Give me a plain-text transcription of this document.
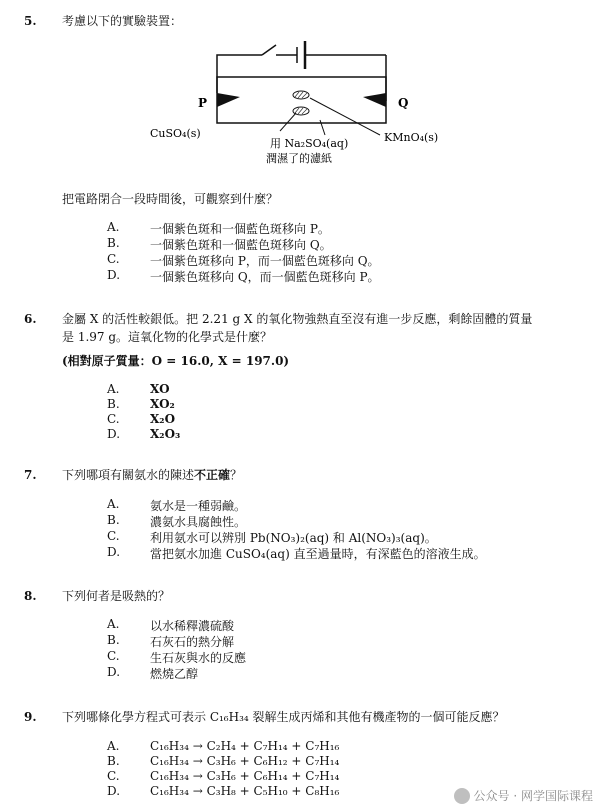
5. 考慮以下的實驗裝置：
P	Q
CuSO₄(s)	KMnO₄(s)
用 Na₂SO₄(aq)
潤濕了的濾紙
把電路閉合一段時間後，可觀察到什麼？
A.	一個紫色斑和一個藍色斑移向 P。
B.	一個紫色斑和一個藍色斑移向 Q。
C.	一個紫色斑移向 P，而一個藍色斑移向 Q。
D. 一個紫色斑移向 Q，而一個藍色斑移向 P。
6. 金屬 X 的活性較銀低。把 2.21 g X 的氧化物強熱直至沒有進一步反應，剩餘固體的質量
是 1.97 g。這氧化物的化學式是什麼？
(相對原子質量：O = 16.0, X = 197.0)
A.	XO
B.	XO₂
C.	X₂O
D. X₂O₃
7. 下列哪項有關氨水的陳述不正確？
A.	氨水是一種弱鹼。
B.	濃氨水具腐蝕性。
C.	利用氨水可以辨別 Pb(NO₃)₂(aq) 和 Al(NO₃)₃(aq)。
D. 當把氨水加進 CuSO₄(aq) 直至過量時，有深藍色的溶液生成。
8. 下列何者是吸熱的？
A.	以水稀釋濃硫酸
B.	石灰石的熱分解
C.	生石灰與水的反應
D. 燃燒乙醇
9. 下列哪條化學方程式可表示 C₁₆H₃₄ 裂解生成丙烯和其他有機產物的一個可能反應？
A.	C₁₆H₃₄ → C₂H₄ + C₇H₁₄ + C₇H₁₆
B.	C₁₆H₃₄ → C₃H₆ + C₆H₁₂ + C₇H₁₄
C.	C₁₆H₃₄ → C₃H₆ + C₆H₁₄ + C₇H₁₄
D. C₁₆H₃₄ → C₃H₈ + C₅H₁₀ + C₈H₁₆	公众号 · 网学国际课程
